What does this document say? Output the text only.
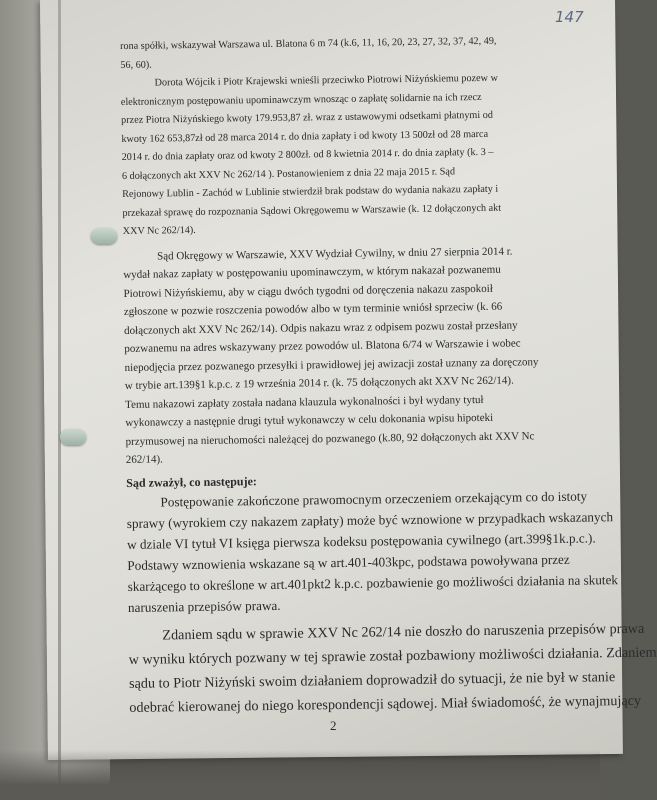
147
rona spółki, wskazywał Warszawa ul. Blatona 6 m 74 (k.6, 11, 16, 20, 23, 27, 32, 37, 42, 49,
56, 60).
Dorota Wójcik i Piotr Krajewski wnieśli przeciwko Piotrowi Niżyńskiemu pozew w
elektronicznym postępowaniu upominawczym wnosząc o zapłatę solidarnie na ich rzecz
przez Piotra Niżyńskiego kwoty 179.953,87 zł. wraz z ustawowymi odsetkami płatnymi od
kwoty 162 653,87zł od 28 marca 2014 r. do dnia zapłaty i od kwoty 13 500zł od 28 marca
2014 r. do dnia zapłaty oraz od kwoty 2 800zł. od 8 kwietnia 2014 r. do dnia zapłaty (k. 3 –
6 dołączonych akt XXV Nc 262/14 ). Postanowieniem z dnia 22 maja 2015 r. Sąd
Rejonowy Lublin - Zachód w Lublinie stwierdził brak podstaw do wydania nakazu zapłaty i
przekazał sprawę do rozpoznania Sądowi Okręgowemu w Warszawie (k. 12 dołączonych akt
XXV Nc 262/14).
Sąd Okręgowy w Warszawie, XXV Wydział Cywilny, w dniu 27 sierpnia 2014 r.
wydał nakaz zapłaty w postępowaniu upominawczym, w którym nakazał pozwanemu
Piotrowi Niżyńskiemu, aby w ciągu dwóch tygodni od doręczenia nakazu zaspokoił
zgłoszone w pozwie roszczenia powodów albo w tym terminie wniósł sprzeciw (k. 66
dołączonych akt XXV Nc 262/14). Odpis nakazu wraz z odpisem pozwu został przesłany
pozwanemu na adres wskazywany przez powodów ul. Blatona 6/74 w Warszawie i wobec
niepodjęcia przez pozwanego przesyłki i prawidłowej jej awizacji został uznany za doręczony
w trybie art.139§1 k.p.c. z 19 września 2014 r. (k. 75 dołączonych akt XXV Nc 262/14).
Temu nakazowi zapłaty została nadana klauzula wykonalności i był wydany tytuł
wykonawczy a następnie drugi tytuł wykonawczy w celu dokonania wpisu hipoteki
przymusowej na nieruchomości należącej do pozwanego (k.80, 92 dołączonych akt XXV Nc
262/14).
Sąd zważył, co następuje:
Postępowanie zakończone prawomocnym orzeczeniem orzekającym co do istoty
sprawy (wyrokiem czy nakazem zapłaty) może być wznowione w przypadkach wskazanych
w dziale VI tytuł VI księga pierwsza kodeksu postępowania cywilnego (art.399§1k.p.c.).
Podstawy wznowienia wskazane są w art.401-403kpc, podstawa powoływana przez
skarżącego to określone w art.401pkt2 k.p.c. pozbawienie go możliwości działania na skutek
naruszenia przepisów prawa.
Zdaniem sądu w sprawie XXV Nc 262/14 nie doszło do naruszenia przepisów prawa
w wyniku których pozwany w tej sprawie został pozbawiony możliwości działania. Zdaniem
sądu to Piotr Niżyński swoim działaniem doprowadził do sytuacji, że nie był w stanie
odebrać kierowanej do niego korespondencji sądowej. Miał świadomość, że wynajmujący
2
